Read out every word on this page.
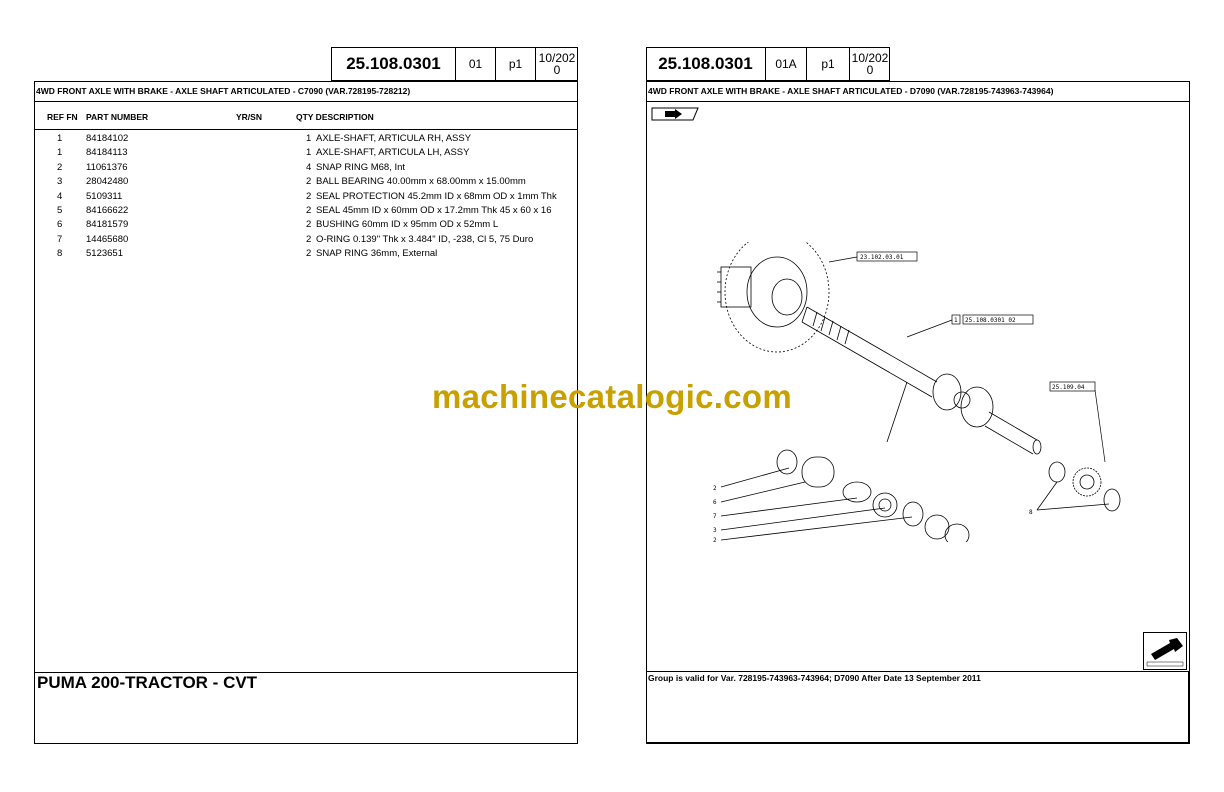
25.108.0301	01	p1	10/202
0
4WD FRONT AXLE WITH BRAKE - AXLE SHAFT ARTICULATED - C7090 (VAR.728195-728212)
REF FN PART NUMBER	YR/SN	QTY DESCRIPTION
1 84184102	1 AXLE-SHAFT, ARTICULA RH, ASSY
1 84184113	1 AXLE-SHAFT, ARTICULA LH, ASSY
2 11061376	4 SNAP RING M68, Int
3 28042480	2 BALL BEARING 40.00mm x 68.00mm x 15.00mm
4 5109311	2 SEAL PROTECTION 45.2mm ID x 68mm OD x 1mm Thk
5 84166622	2 SEAL 45mm ID x 60mm OD x 17.2mm Thk 45 x 60 x 16
6 84181579	2 BUSHING 60mm ID x 95mm OD x 52mm L
7 14465680	2 O-RING 0.139" Thk x 3.484" ID, -238, Cl 5, 75 Duro
8 5123651	2 SNAP RING 36mm, External
PUMA 200-TRACTOR - CVT
25.108.0301	01A	p1	10/202
0
4WD FRONT AXLE WITH BRAKE - AXLE SHAFT ARTICULATED - D7090 (VAR.728195-743963-743964)
2
6
7
3
2
8
23.102.03.01
1 25.108.0301 02
25.109.04
Group is valid for Var. 728195-743963-743964; D7090 After Date 13 September 2011
machinecatalogic.com
